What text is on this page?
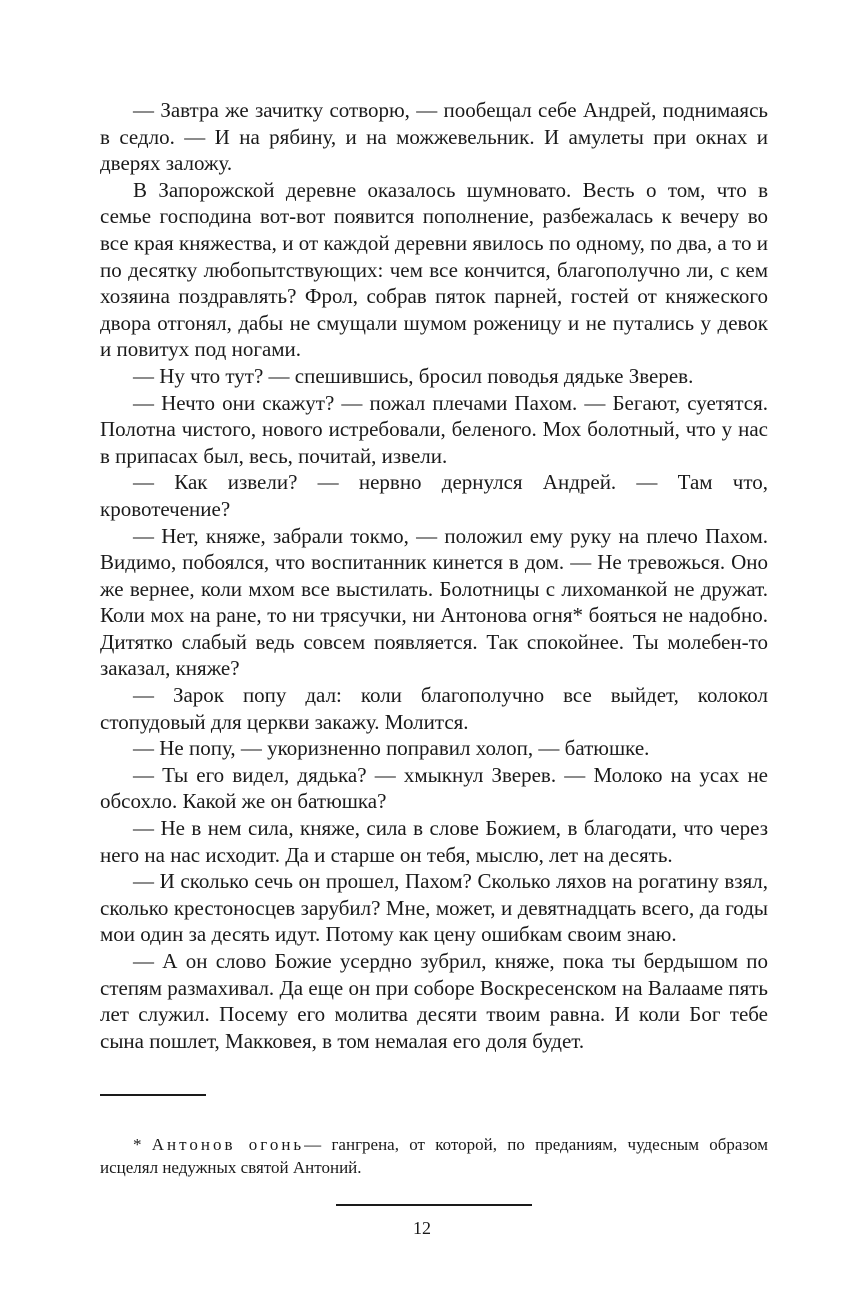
— Завтра же зачитку сотворю, — пообещал себе Андрей, поднимаясь в седло. — И на рябину, и на можжевельник. И амулеты при окнах и дверях заложу.

В Запорожской деревне оказалось шумновато. Весть о том, что в семье господина вот-вот появится пополнение, разбежалась к вечеру во все края княжества, и от каждой деревни явилось по одному, по два, а то и по десятку любопытствующих: чем все кончится, благополучно ли, с кем хозяина поздравлять? Фрол, собрав пяток парней, гостей от княжеского двора отгонял, дабы не смущали шумом роженицу и не путались у девок и повитух под ногами.

— Ну что тут? — спешившись, бросил поводья дядьке Зверев.

— Нечто они скажут? — пожал плечами Пахом. — Бегают, суетятся. Полотна чистого, нового истребовали, беленого. Мох болотный, что у нас в припасах был, весь, почитай, извели.

— Как извели? — нервно дернулся Андрей. — Там что, кровотечение?

— Нет, княже, забрали токмо, — положил ему руку на плечо Пахом. Видимо, побоялся, что воспитанник кинется в дом. — Не тревожься. Оно же вернее, коли мхом все выстилать. Болотницы с лихоманкой не дружат. Коли мох на ране, то ни трясучки, ни Антонова огня* бояться не надобно. Дитятко слабый ведь совсем появляется. Так спокойнее. Ты молебен-то заказал, княже?

— Зарок попу дал: коли благополучно все выйдет, колокол стопудовый для церкви закажу. Молится.

— Не попу, — укоризненно поправил холоп, — батюшке.

— Ты его видел, дядька? — хмыкнул Зверев. — Молоко на усах не обсохло. Какой же он батюшка?

— Не в нем сила, княже, сила в слове Божием, в благодати, что через него на нас исходит. Да и старше он тебя, мыслю, лет на десять.

— И сколько сечь он прошел, Пахом? Сколько ляхов на рогатину взял, сколько крестоносцев зарубил? Мне, может, и девятнадцать всего, да годы мои один за десять идут. Потому как цену ошибкам своим знаю.

— А он слово Божие усердно зубрил, княже, пока ты бердышом по степям размахивал. Да еще он при соборе Воскресенском на Валааме пять лет служил. Посему его молитва десяти твоим равна. И коли Бог тебе сына пошлет, Макковея, в том немалая его доля будет.

* Антонов огонь— гангрена, от которой, по преданиям, чудесным образом исцелял недужных святой Антоний.

12
